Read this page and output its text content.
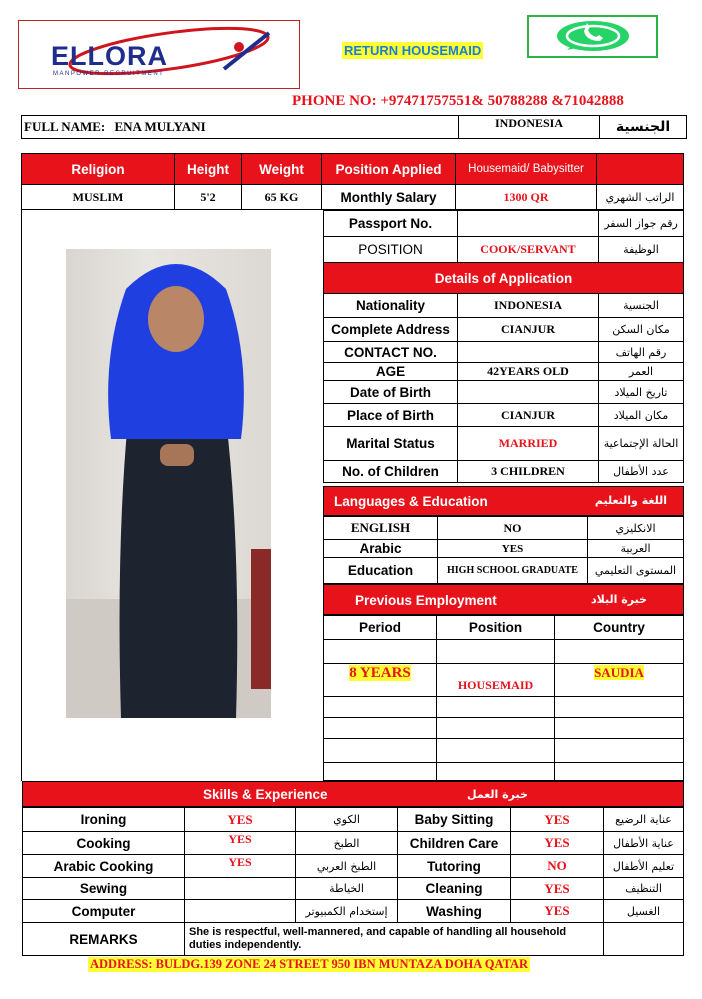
ELLORA
MANPOWER RECRUITMENT
RETURN HOUSEMAID
PHONE NO: +97471757551& 50788288 &71042888
FULL NAME: ENA MULYANI	INDONESIA	الجنسية
Religion	Height	Weight	Position Applied	Housemaid/ Babysitter	
MUSLIM	5'2	65 KG	Monthly Salary	1300 QR	الراتب الشهري
Passport No.		رقم جواز السفر
POSITION	COOK/SERVANT	الوظيفة
Details of Application		
Nationality	INDONESIA	الجنسية
Complete Address	CIANJUR	مكان السكن
CONTACT NO.		رقم الهاتف
AGE	42YEARS OLD	العمر
Date of Birth		تاريخ الميلاد
Place of Birth	CIANJUR	مكان الميلاد
Marital Status	MARRIED	الحالة الإجتماعية
No. of Children	3 CHILDREN	عدد الأطفال
Languages & Education	اللغة والتعليم
ENGLISH	NO	الانكليزي
Arabic	YES	العربية
Education	HIGH SCHOOL GRADUATE	المستوى التعليمي
Previous Employment	خبرة البلاد
Period	Position	Country

8 YEARS	HOUSEMAID	SAUDIA

Skills & Experience	خبرة العمل
Ironing	YES	الكوي	Baby Sitting	YES	عناية الرضيع
Cooking	YES	الطبخ	Children Care	YES	عناية الأطفال
Arabic Cooking	YES	الطبخ العربي	Tutoring	NO	تعليم الأطفال
Sewing		الخياطة	Cleaning	YES	التنظيف
Computer		إستخدام الكمبيوتر	Washing	YES	الغسيل
REMARKS	She is respectful, well-mannered, and capable of handling all household duties independently.				
ADDRESS: BULDG.139 ZONE 24 STREET 950 IBN MUNTAZA DOHA QATAR
